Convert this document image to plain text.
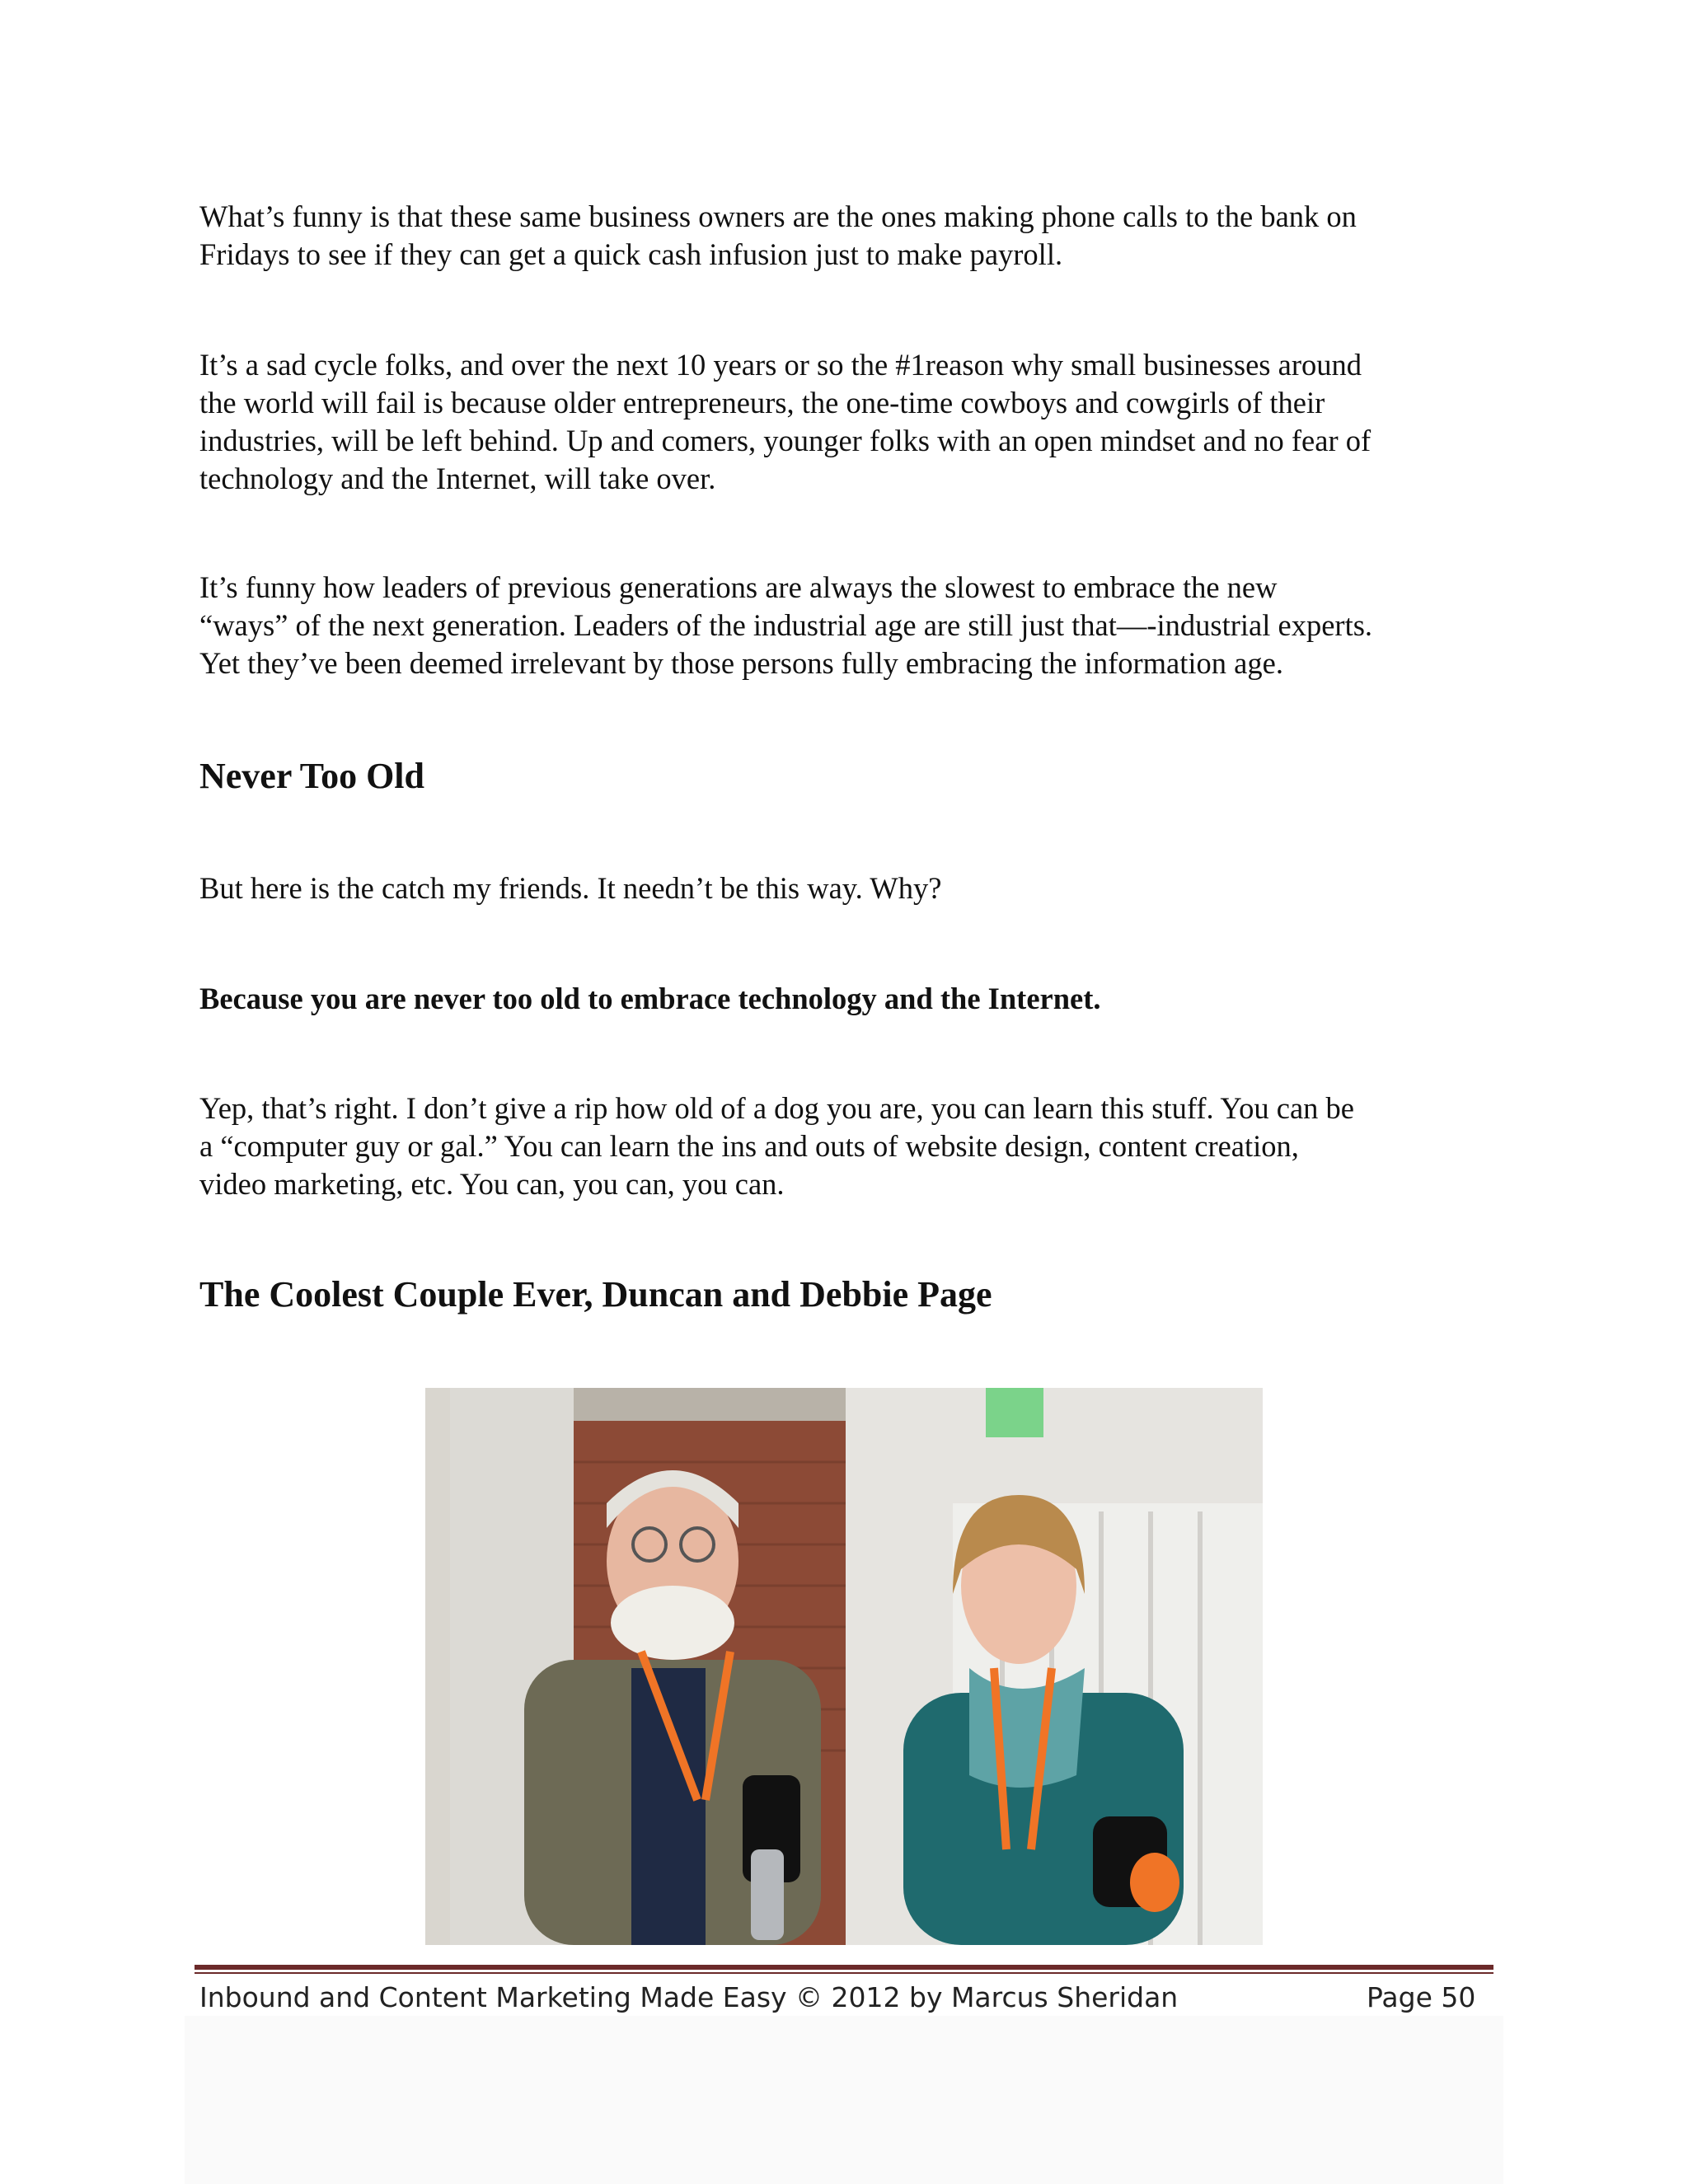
What’s funny is that these same business owners are the ones making phone calls to the bank on
Fridays to see if they can get a quick cash infusion just to make payroll.
It’s a sad cycle folks, and over the next 10 years or so the #1reason why small businesses around
the world will fail is because older entrepreneurs, the one-time cowboys and cowgirls of their
industries, will be left behind. Up and comers, younger folks with an open mindset and no fear of
technology and the Internet, will take over.
It’s funny how leaders of previous generations are always the slowest to embrace the new
“ways” of the next generation. Leaders of the industrial age are still just that—-industrial experts.
Yet they’ve been deemed irrelevant by those persons fully embracing the information age.
Never Too Old

But here is the catch my friends. It needn’t be this way. Why?

Because you are never too old to embrace technology and the Internet.

Yep, that’s right. I don’t give a rip how old of a dog you are, you can learn this stuff. You can be
a “computer guy or gal.” You can learn the ins and outs of website design, content creation,
video marketing, etc. You can, you can, you can.
The Coolest Couple Ever, Duncan and Debbie Page
Inbound and Content Marketing Made Easy © 2012 by Marcus Sheridan	Page 50
